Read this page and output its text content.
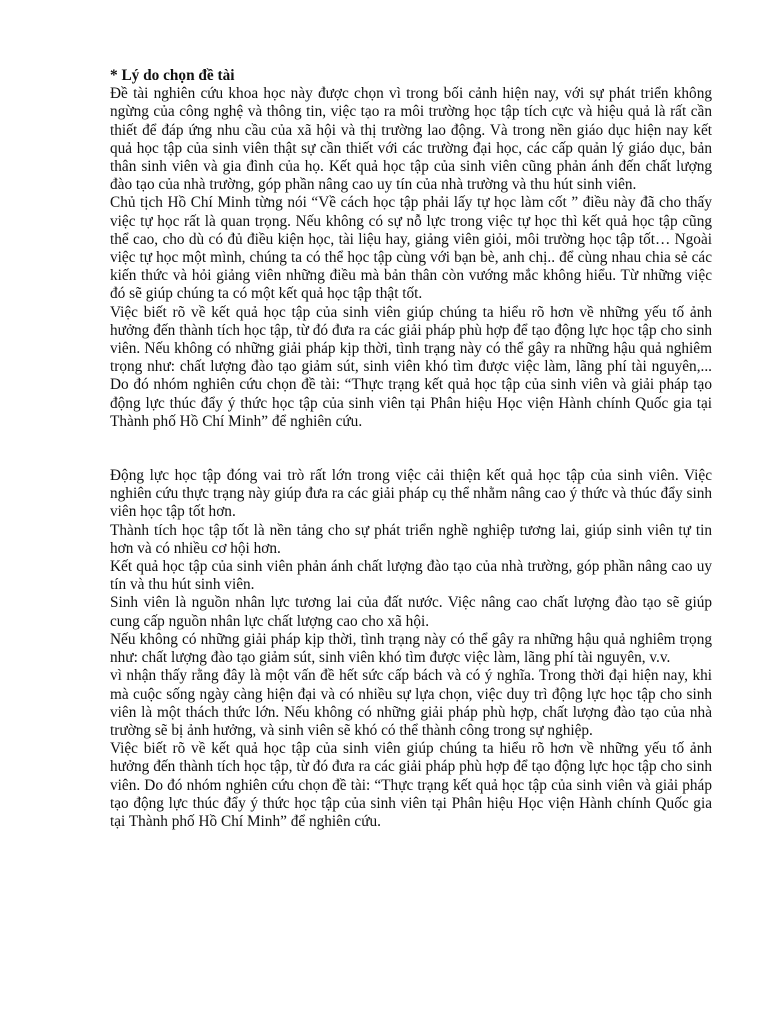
* Lý do chọn đề tài

Đề tài nghiên cứu khoa học này được chọn vì trong bối cảnh hiện nay, với sự phát triển không ngừng của công nghệ và thông tin, việc tạo ra môi trường học tập tích cực và hiệu quả là rất cần thiết để đáp ứng nhu cầu của xã hội và thị trường lao động. Và trong nền giáo dục hiện nay kết quả học tập của sinh viên thật sự cần thiết với các trường đại học, các cấp quản lý giáo dục, bản thân sinh viên và gia đình của họ. Kết quả học tập của sinh viên cũng phản ánh đến chất lượng đào tạo của nhà trường, góp phần nâng cao uy tín của nhà trường và thu hút sinh viên.

Chủ tịch Hồ Chí Minh từng nói “Về cách học tập phải lấy tự học làm cốt ” điều này đã cho thấy việc tự học rất là quan trọng. Nếu không có sự nỗ lực trong việc tự học thì kết quả học tập cũng thể cao, cho dù có đủ điều kiện học, tài liệu hay, giảng viên giỏi, môi trường học tập tốt… Ngoài việc tự học một mình, chúng ta có thể học tập cùng với bạn bè, anh chị.. để cùng nhau chia sẻ các kiến thức và hỏi giảng viên những điều mà bản thân còn vướng mắc không hiểu. Từ những việc đó sẽ giúp chúng ta có một kết quả học tập thật tốt.

Việc biết rõ về kết quả học tập của sinh viên giúp chúng ta hiểu rõ hơn về những yếu tố ảnh hưởng đến thành tích học tập, từ đó đưa ra các giải pháp phù hợp để tạo động lực học tập cho sinh viên. Nếu không có những giải pháp kịp thời, tình trạng này có thể gây ra những hậu quả nghiêm trọng như: chất lượng đào tạo giảm sút, sinh viên khó tìm được việc làm, lãng phí tài nguyên,... Do đó nhóm nghiên cứu chọn đề tài: “Thực trạng kết quả học tập của sinh viên và giải pháp tạo động lực thúc đẩy ý thức học tập của sinh viên tại Phân hiệu Học viện Hành chính Quốc gia tại Thành phố Hồ Chí Minh” để nghiên cứu.

Động lực học tập đóng vai trò rất lớn trong việc cải thiện kết quả học tập của sinh viên. Việc nghiên cứu thực trạng này giúp đưa ra các giải pháp cụ thể nhằm nâng cao ý thức và thúc đẩy sinh viên học tập tốt hơn.

Thành tích học tập tốt là nền tảng cho sự phát triển nghề nghiệp tương lai, giúp sinh viên tự tin hơn và có nhiều cơ hội hơn.

Kết quả học tập của sinh viên phản ánh chất lượng đào tạo của nhà trường, góp phần nâng cao uy tín và thu hút sinh viên.

Sinh viên là nguồn nhân lực tương lai của đất nước. Việc nâng cao chất lượng đào tạo sẽ giúp cung cấp nguồn nhân lực chất lượng cao cho xã hội.

Nếu không có những giải pháp kịp thời, tình trạng này có thể gây ra những hậu quả nghiêm trọng như: chất lượng đào tạo giảm sút, sinh viên khó tìm được việc làm, lãng phí tài nguyên, v.v.

vì nhận thấy rằng đây là một vấn đề hết sức cấp bách và có ý nghĩa. Trong thời đại hiện nay, khi mà cuộc sống ngày càng hiện đại và có nhiều sự lựa chọn, việc duy trì động lực học tập cho sinh viên là một thách thức lớn. Nếu không có những giải pháp phù hợp, chất lượng đào tạo của nhà trường sẽ bị ảnh hưởng, và sinh viên sẽ khó có thể thành công trong sự nghiệp.

Việc biết rõ về kết quả học tập của sinh viên giúp chúng ta hiểu rõ hơn về những yếu tố ảnh hưởng đến thành tích học tập, từ đó đưa ra các giải pháp phù hợp để tạo động lực học tập cho sinh viên. Do đó nhóm nghiên cứu chọn đề tài: “Thực trạng kết quả học tập của sinh viên và giải pháp tạo động lực thúc đẩy ý thức học tập của sinh viên tại Phân hiệu Học viện Hành chính Quốc gia tại Thành phố Hồ Chí Minh” để nghiên cứu.
